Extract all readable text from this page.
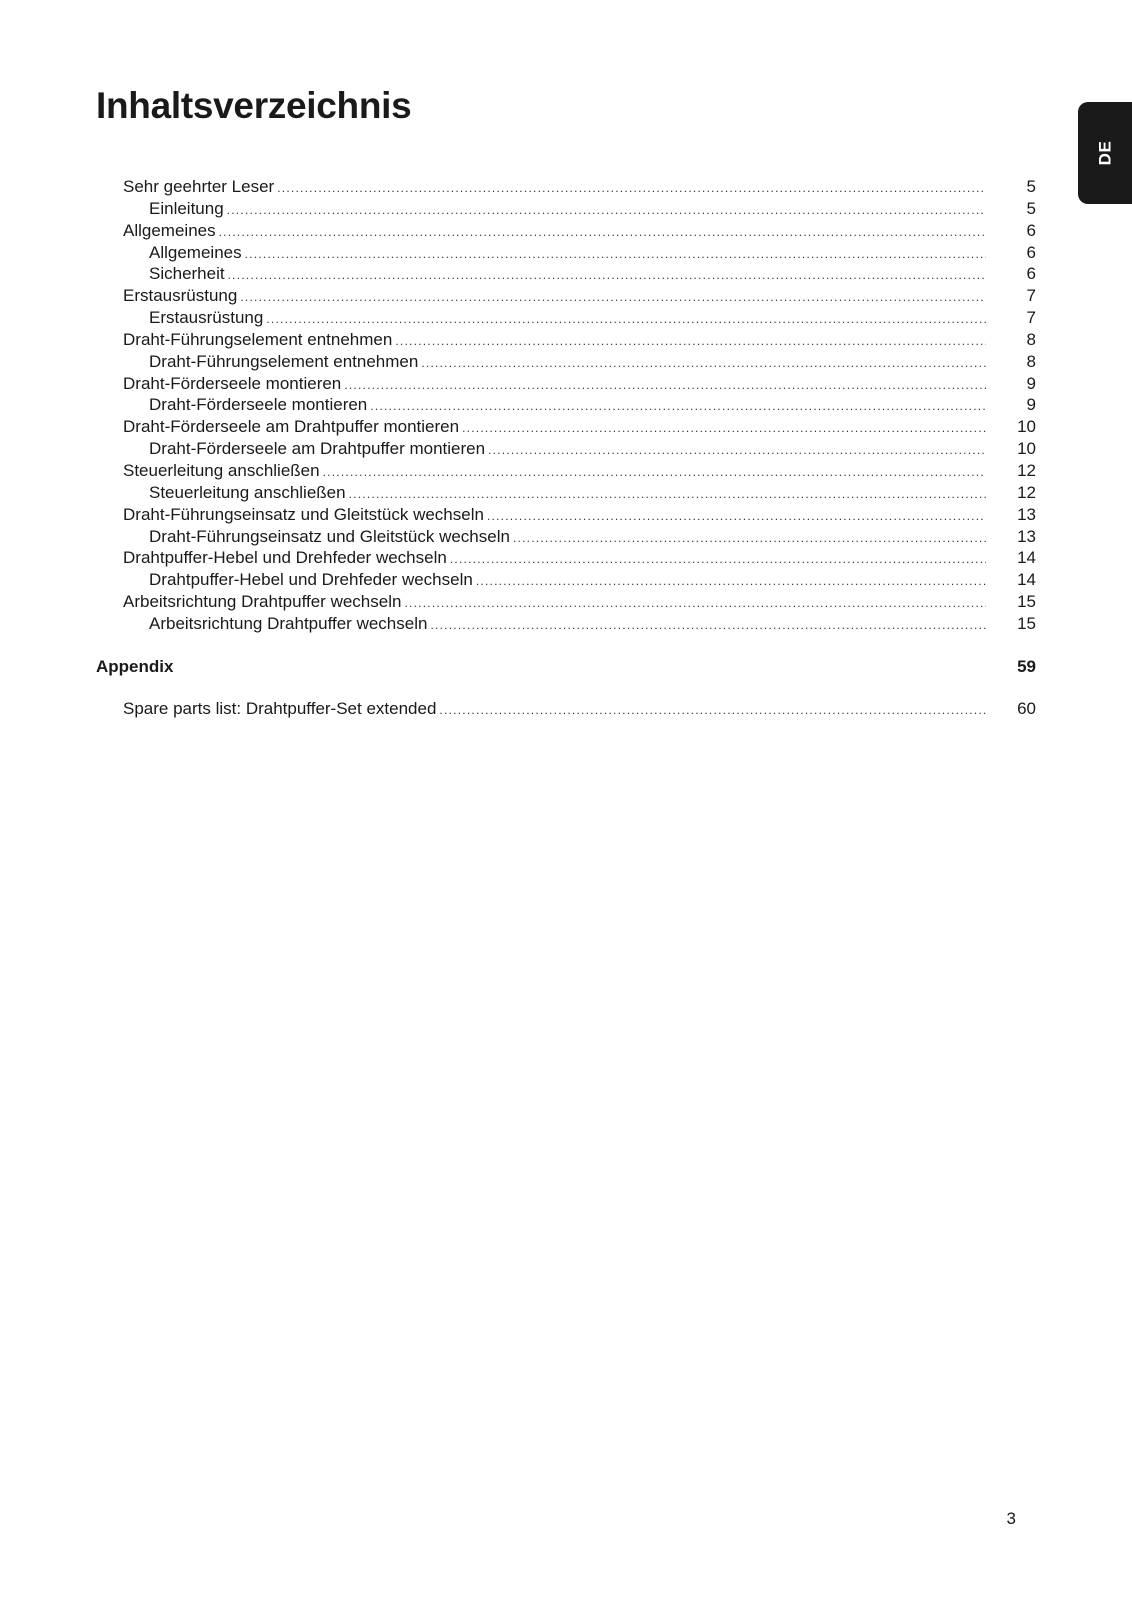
Inhaltsverzeichnis
DE
Sehr geehrter Leser . . .	5
Einleitung . . .	5
Allgemeines . . .	6
Allgemeines . . .	6
Sicherheit . . .	6
Erstausrüstung . . .	7
Erstausrüstung . . .	7
Draht-Führungselement entnehmen . . .	8
Draht-Führungselement entnehmen . . .	8
Draht-Förderseele montieren . . .	9
Draht-Förderseele montieren . . .	9
Draht-Förderseele am Drahtpuffer montieren . . .	10
Draht-Förderseele am Drahtpuffer montieren . . .	10
Steuerleitung anschließen . . .	12
Steuerleitung anschließen . . .	12
Draht-Führungseinsatz und Gleitstück wechseln . . .	13
Draht-Führungseinsatz und Gleitstück wechseln . . .	13
Drahtpuffer-Hebel und Drehfeder wechseln . . .	14
Drahtpuffer-Hebel und Drehfeder wechseln . . .	14
Arbeitsrichtung Drahtpuffer wechseln . . .	15
Arbeitsrichtung Drahtpuffer wechseln . . .	15
Appendix	59
Spare parts list: Drahtpuffer-Set extended . . .	60
3
